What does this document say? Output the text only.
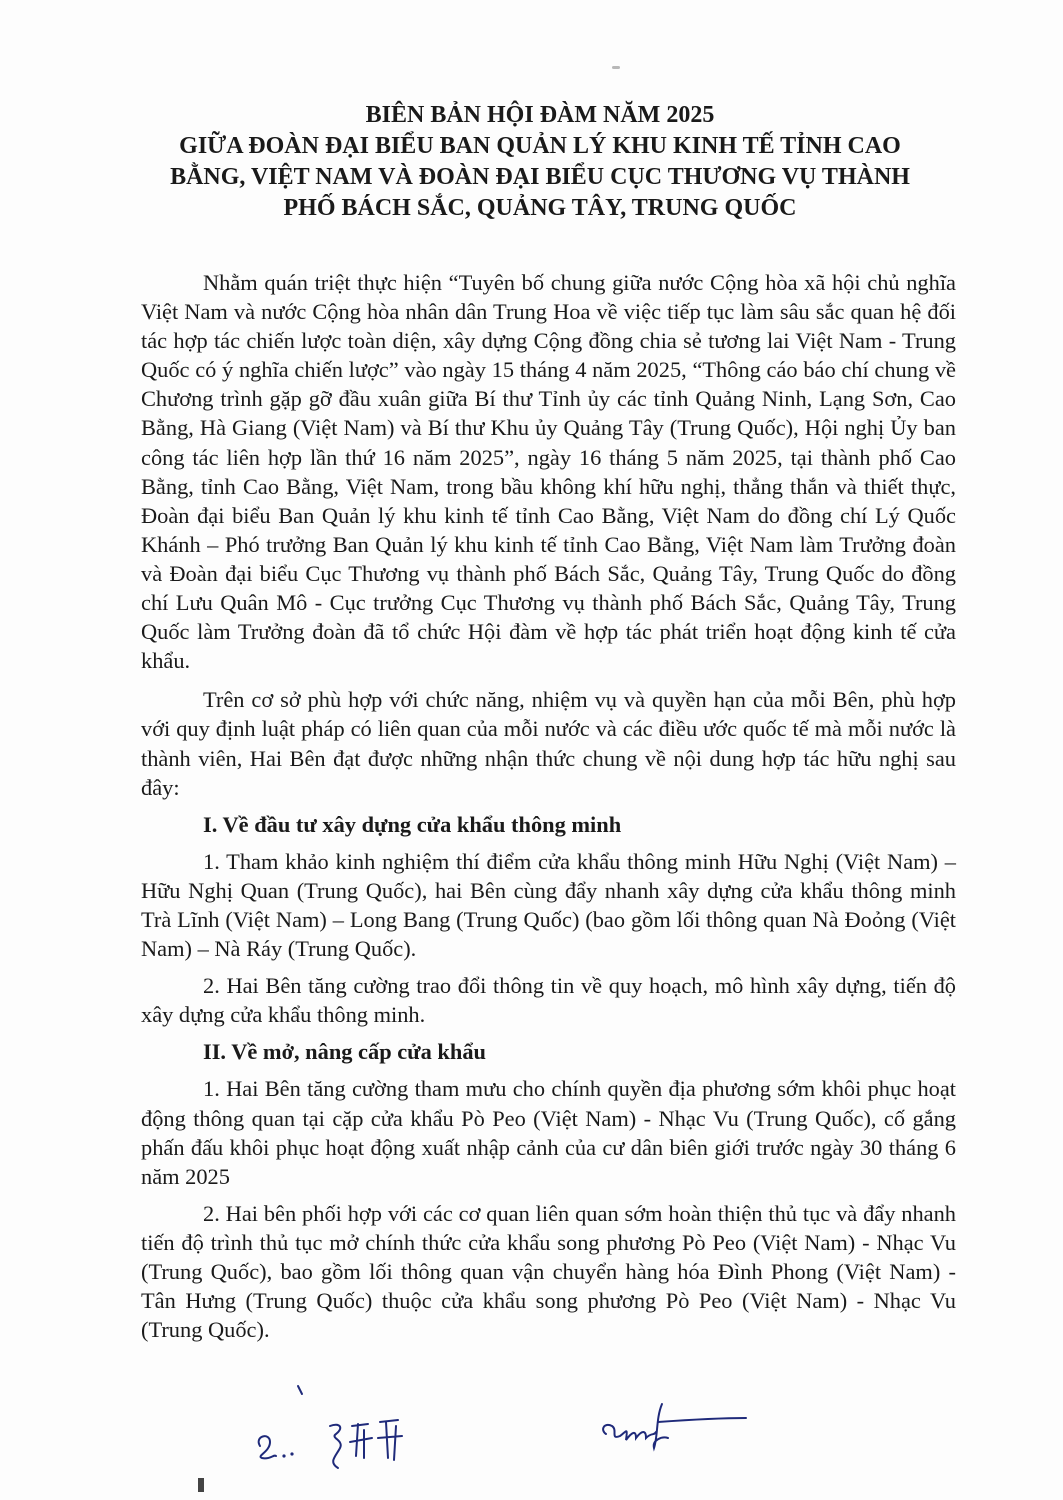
BIÊN BẢN HỘI ĐÀM NĂM 2025
GIỮA ĐOÀN ĐẠI BIỂU BAN QUẢN LÝ KHU KINH TẾ TỈNH CAO
BẰNG, VIỆT NAM VÀ ĐOÀN ĐẠI BIỂU CỤC THƯƠNG VỤ THÀNH
PHỐ BÁCH SẮC, QUẢNG TÂY, TRUNG QUỐC

Nhằm quán triệt thực hiện “Tuyên bố chung giữa nước Cộng hòa xã hội chủ nghĩa Việt Nam và nước Cộng hòa nhân dân Trung Hoa về việc tiếp tục làm sâu sắc quan hệ đối tác hợp tác chiến lược toàn diện, xây dựng Cộng đồng chia sẻ tương lai Việt Nam - Trung Quốc có ý nghĩa chiến lược” vào ngày 15 tháng 4 năm 2025, “Thông cáo báo chí chung về Chương trình gặp gỡ đầu xuân giữa Bí thư Tỉnh ủy các tỉnh Quảng Ninh, Lạng Sơn, Cao Bằng, Hà Giang (Việt Nam) và Bí thư Khu ủy Quảng Tây (Trung Quốc), Hội nghị Ủy ban công tác liên hợp lần thứ 16 năm 2025”, ngày 16 tháng 5 năm 2025, tại thành phố Cao Bằng, tỉnh Cao Bằng, Việt Nam, trong bầu không khí hữu nghị, thẳng thắn và thiết thực, Đoàn đại biểu Ban Quản lý khu kinh tế tỉnh Cao Bằng, Việt Nam do đồng chí Lý Quốc Khánh – Phó trưởng Ban Quản lý khu kinh tế tỉnh Cao Bằng, Việt Nam làm Trưởng đoàn và Đoàn đại biểu Cục Thương vụ thành phố Bách Sắc, Quảng Tây, Trung Quốc do đồng chí Lưu Quân Mô - Cục trưởng Cục Thương vụ thành phố Bách Sắc, Quảng Tây, Trung Quốc làm Trưởng đoàn đã tổ chức Hội đàm về hợp tác phát triển hoạt động kinh tế cửa khẩu.

Trên cơ sở phù hợp với chức năng, nhiệm vụ và quyền hạn của mỗi Bên, phù hợp với quy định luật pháp có liên quan của mỗi nước và các điều ước quốc tế mà mỗi nước là thành viên, Hai Bên đạt được những nhận thức chung về nội dung hợp tác hữu nghị sau đây:

I. Về đầu tư xây dựng cửa khẩu thông minh

1. Tham khảo kinh nghiệm thí điểm cửa khẩu thông minh Hữu Nghị (Việt Nam) – Hữu Nghị Quan (Trung Quốc), hai Bên cùng đẩy nhanh xây dựng cửa khẩu thông minh Trà Lĩnh (Việt Nam) – Long Bang (Trung Quốc) (bao gồm lối thông quan Nà Đoỏng (Việt Nam) – Nà Ráy (Trung Quốc).

2. Hai Bên tăng cường trao đổi thông tin về quy hoạch, mô hình xây dựng, tiến độ xây dựng cửa khẩu thông minh.

II. Về mở, nâng cấp cửa khẩu

1. Hai Bên tăng cường tham mưu cho chính quyền địa phương sớm khôi phục hoạt động thông quan tại cặp cửa khẩu Pò Peo (Việt Nam) - Nhạc Vu (Trung Quốc), cố gắng phấn đấu khôi phục hoạt động xuất nhập cảnh của cư dân biên giới trước ngày 30 tháng 6 năm 2025

2. Hai bên phối hợp với các cơ quan liên quan sớm hoàn thiện thủ tục và đẩy nhanh tiến độ trình thủ tục mở chính thức cửa khẩu song phương Pò Peo (Việt Nam) - Nhạc Vu (Trung Quốc), bao gồm lối thông quan vận chuyển hàng hóa Đình Phong (Việt Nam) - Tân Hưng (Trung Quốc) thuộc cửa khẩu song phương Pò Peo (Việt Nam) - Nhạc Vu (Trung Quốc).
